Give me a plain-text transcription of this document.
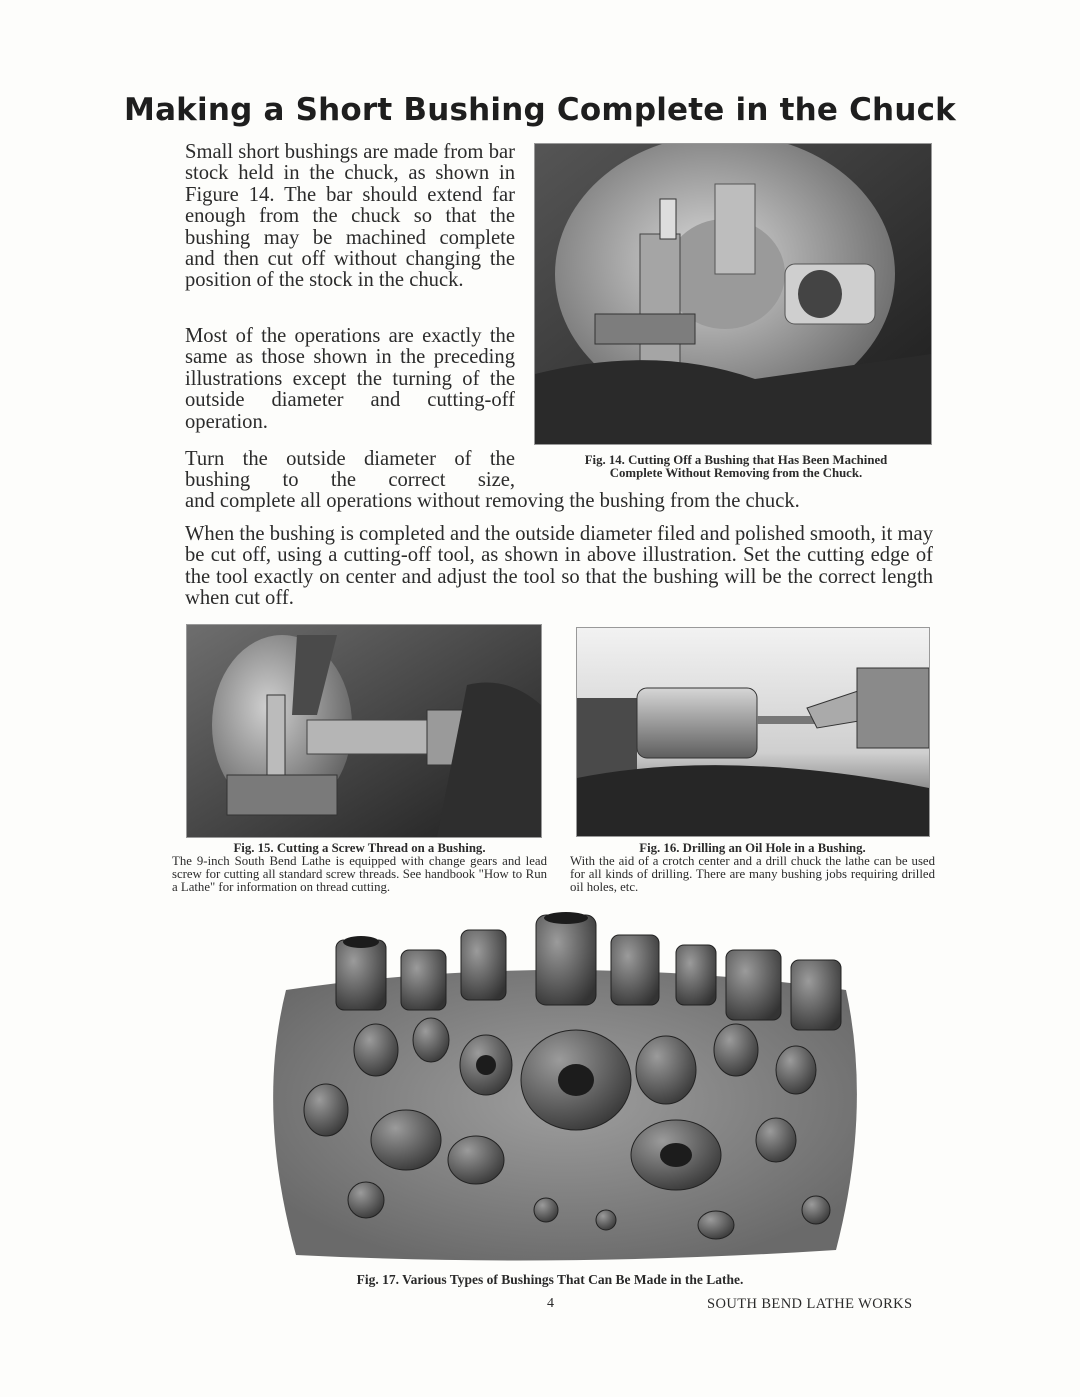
Making a Short Bushing Complete in the Chuck
Small short bushings are made from bar stock held in the chuck, as shown in Figure 14. The bar should extend far enough from the chuck so that the bushing may be machined complete and then cut off without changing the position of the stock in the chuck.
Most of the operations are exactly the same as those shown in the preceding illustrations except the turning of the outside diameter and cutting-off operation.
Turn the outside diameter of the bushing to the correct size,
and complete all operations without removing the bushing from the chuck.
When the bushing is completed and the outside diameter filed and polished smooth, it may be cut off, using a cutting-off tool, as shown in above illustration. Set the cutting edge of the tool exactly on center and adjust the tool so that the bushing will be the correct length when cut off.
Fig. 14. Cutting Off a Bushing that Has Been Machined
Complete Without Removing from the Chuck.
Fig. 15. Cutting a Screw Thread on a Bushing.
The 9-inch South Bend Lathe is equipped with change gears and lead screw for cutting all standard screw threads. See handbook "How to Run a Lathe" for information on thread cutting.
Fig. 16. Drilling an Oil Hole in a Bushing.
With the aid of a crotch center and a drill chuck the lathe can be used for all kinds of drilling. There are many bushing jobs requiring drilled oil holes, etc.
Fig. 17. Various Types of Bushings That Can Be Made in the Lathe.
4	SOUTH BEND LATHE WORKS
